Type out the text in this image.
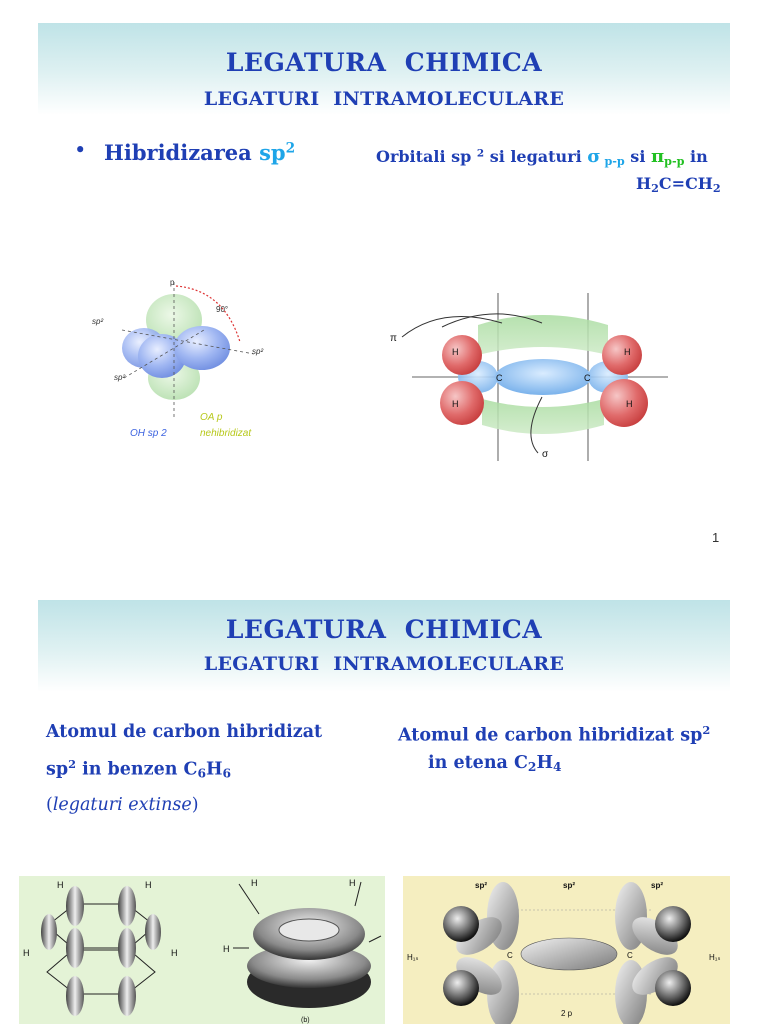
LEGATURA  CHIMICA
LEGATURI  INTRAMOLECULARE
• Hibridizarea $sp^2$	Orbitali sp $^2$ si legaturi σ $_{p-p}$ si $\pi_{p-p}$ in
$H_2C=CH_2$
p
90°
sp²
sp²
sp²
OH sp 2
OA p
nehibridizat
π
σ
C	C
H
H
H
H
1
LEGATURA  CHIMICA
LEGATURI  INTRAMOLECULARE
Atomul de carbon hibridizat
$sp^2$ in benzen $C_6H_6$
(legaturi extinse)
Atomul de carbon hibridizat $sp^2$
in etena $C_2H_4$
H	H
H	H	H	H
H
(b)
sp²	sp²	sp²
H₁ₛ	H₁ₛ
C	C
2 p
